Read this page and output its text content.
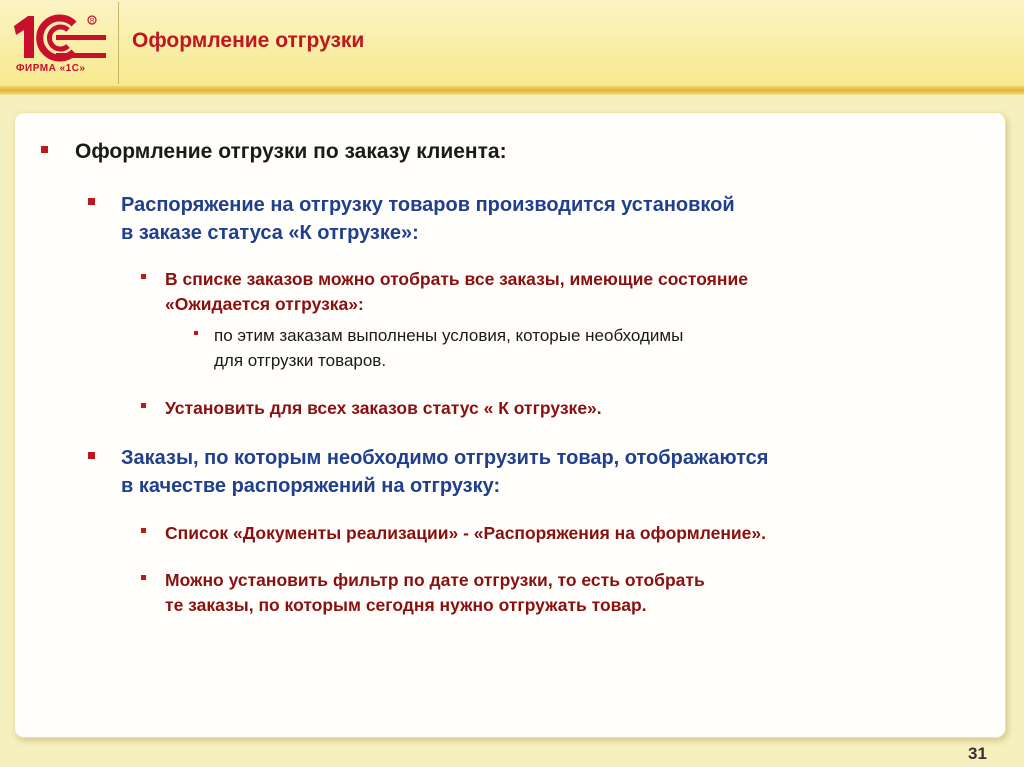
R
ФИРМА «1С»
Оформление отгрузки
Оформление отгрузки по заказу клиента:
Распоряжение на отгрузку товаров производится установкой
в заказе статуса «К отгрузке»:
В списке заказов можно отобрать все заказы, имеющие состояние
«Ожидается отгрузка»:
по этим заказам выполнены условия, которые необходимы
для отгрузки товаров.
Установить для всех заказов статус « К отгрузке».
Заказы, по которым необходимо отгрузить товар, отображаются
в качестве распоряжений на отгрузку:
Список «Документы реализации» - «Распоряжения на оформление».
Можно установить фильтр по дате отгрузки, то есть отобрать
те заказы, по которым сегодня нужно отгружать товар.
31
